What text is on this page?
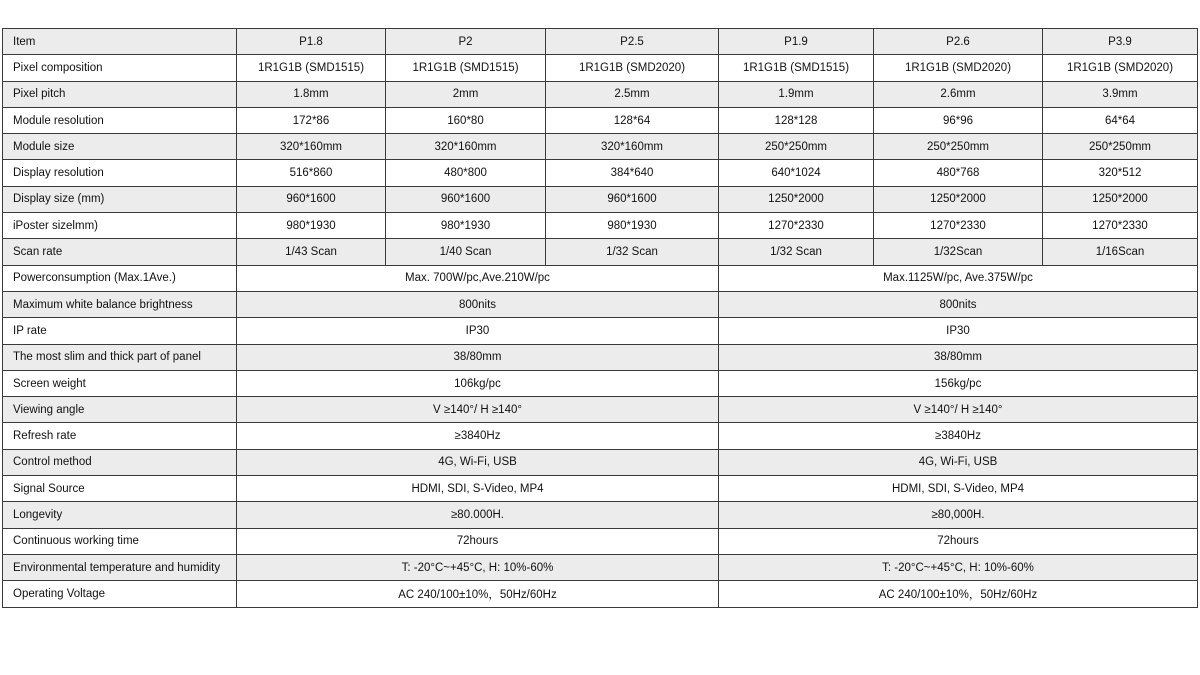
Item	P1.8	P2	P2.5	P1.9	P2.6	P3.9
Pixel composition	1R1G1B (SMD1515)	1R1G1B (SMD1515)	1R1G1B (SMD2020)	1R1G1B (SMD1515)	1R1G1B (SMD2020)	1R1G1B (SMD2020)
Pixel pitch	1.8mm	2mm	2.5mm	1.9mm	2.6mm	3.9mm
Module resolution	172*86	160*80	128*64	128*128	96*96	64*64
Module size	320*160mm	320*160mm	320*160mm	250*250mm	250*250mm	250*250mm
Display resolution	516*860	480*800	384*640	640*1024	480*768	320*512
Display size (mm)	960*1600	960*1600	960*1600	1250*2000	1250*2000	1250*2000
iPoster sizelmm)	980*1930	980*1930	980*1930	1270*2330	1270*2330	1270*2330
Scan rate	1/43 Scan	1/40 Scan	1/32 Scan	1/32 Scan	1/32Scan	1/16Scan
Powerconsumption (Max.1Ave.)	Max. 700W/pc,Ave.210W/pc			Max.1125W/pc, Ave.375W/pc		
Maximum white balance brightness	800nits			800nits		
IP rate	IP30			IP30		
The most slim and thick part of panel	38/80mm			38/80mm		
Screen weight	106kg/pc			156kg/pc		
Viewing angle	V ≥140°/ H ≥140°			V ≥140°/ H ≥140°		
Refresh rate	≥3840Hz			≥3840Hz		
Control method	4G, Wi-Fi, USB			4G, Wi-Fi, USB		
Signal Source	HDMI, SDI, S-Video, MP4			HDMI, SDI, S-Video, MP4		
Longevity	≥80.000H.			≥80,000H.		
Continuous working time	72hours			72hours		
Environmental temperature and humidity	T: -20°C~+45°C, H: 10%-60%			T: -20°C~+45°C, H: 10%-60%		
Operating Voltage	AC 240/100±10%，50Hz/60Hz			AC 240/100±10%，50Hz/60Hz		
